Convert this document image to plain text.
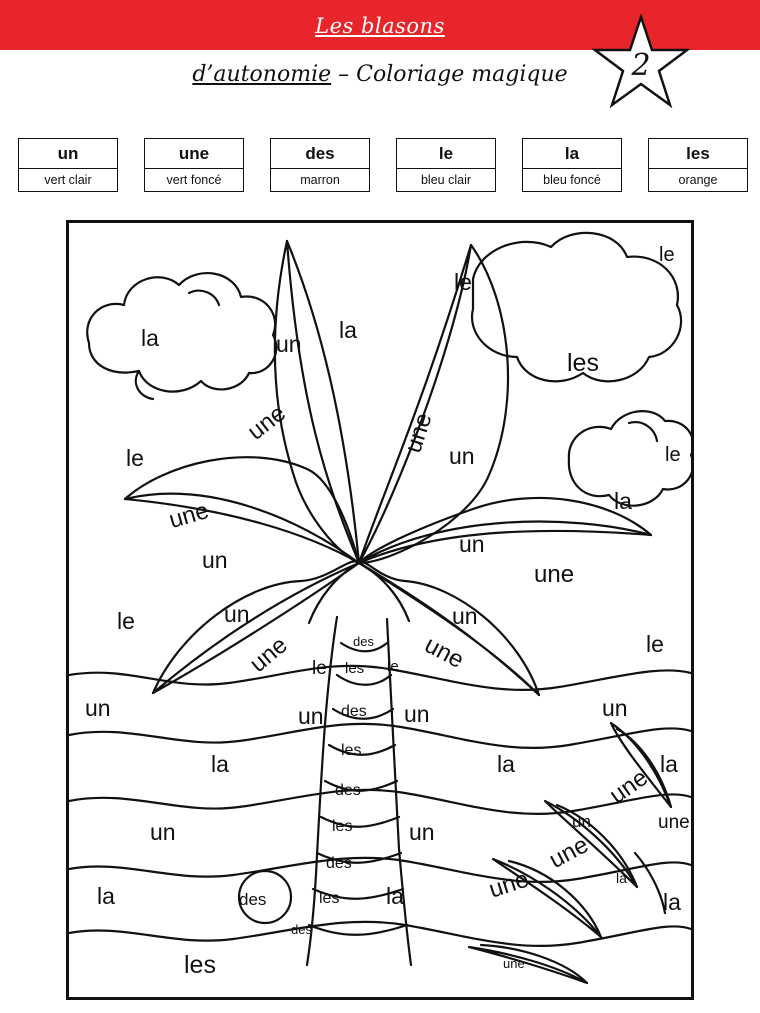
Les blasons
d’autonomie – Coloriage magique	2
un
vert clair
une
vert foncé
des
marron
le
bleu clair
la
bleu foncé
les
orange
le
le
la	un
la
les
une	une un
le	le
une	la
un
un
une
le	un	un
une	une	le
des
le les le
un	un des un	un
les
la	la	la
des	une
les
un	un	un	une
une
des
la
des	les
la	la	une	la
des
les	une
